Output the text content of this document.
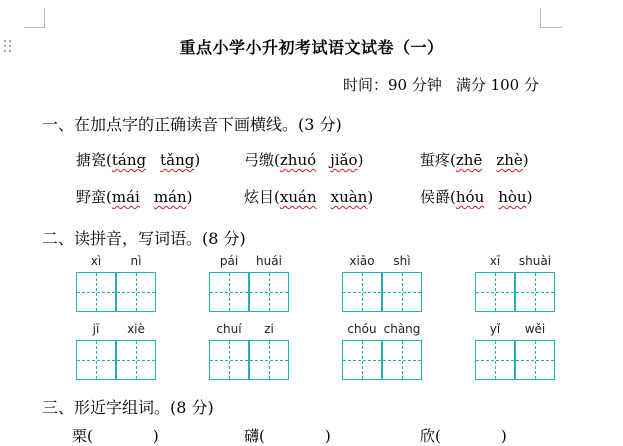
重点小学小升初考试语文试卷（一）
时间：90 分钟 满分 100 分
一、在加点字的正确读音下画横线。(3 分)
搪瓷(táng tǎng)	弓缴(zhuó jiǎo)	蜇疼(zhē zhè)
野蛮(mái mán)	炫目(xuán xuàn)	侯爵(hóu hòu)
二、读拼音，写词语。(8 分)
xì	nì	pái	huái	xiāo	shì	xī	shuài
jī	xiè	chuí	zi	chóu chàng	yǐ	wěi
三、形近字组词。(8 分)
栗(　　　　)	礴(　　　　)	欣(　　　　)
